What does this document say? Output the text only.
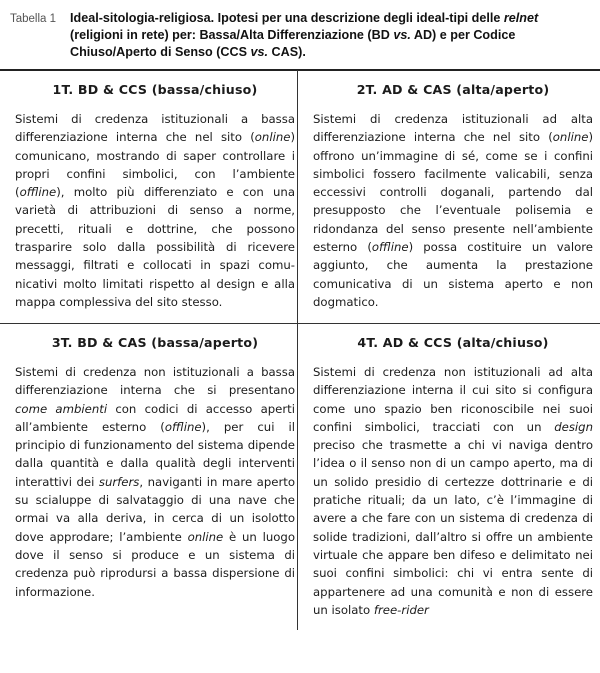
Tabella 1 Ideal-sitologia-religiosa. Ipotesi per una descrizione degli ideal-tipi delle relnet (religioni in rete) per: Bassa/Alta Differenziazione (BD vs. AD) e per Codice Chiuso/Aperto di Senso (CCS vs. CAS).
1T. BD & CCS (bassa/chiuso)

Sistemi di credenza istituzionali a bassa differenziazione interna che nel sito (online) comunicano, mostrando di saper controllare i propri confini simbolici, con l’ambiente (offline), molto più differenziato e con una varietà di attribuzioni di senso a norme, precetti, rituali e dottrine, che possono trasparire solo dalla possibilità di ricevere messaggi, filtrati e collocati in spazi comunicativi molto limitati rispetto al design e alla mappa complessiva del sito stesso.

2T. AD & CAS (alta/aperto)

Sistemi di credenza istituzionali ad alta differenziazione interna che nel sito (online) offrono un’immagine di sé, come se i confini simbolici fossero facilmente valicabili, senza eccessivi controlli doganali, partendo dal presupposto che l’eventuale polisemia e ridondanza del senso presente nell’ambiente esterno (offline) possa costituire un valore aggiunto, che aumenta la prestazione comunicativa di un sistema aperto e non dogmatico.

3T. BD & CAS (bassa/aperto)

Sistemi di credenza non istituzionali a bassa differenziazione interna che si presentano come ambienti con codici di accesso aperti all’ambiente esterno (offline), per cui il principio di funzionamento del sistema dipende dalla quantità e dalla qualità degli interventi interattivi dei surfers, naviganti in mare aperto su scialuppe di salvataggio di una nave che ormai va alla deriva, in cerca di un isolotto dove approdare; l’ambiente online è un luogo dove il senso si produce e un sistema di credenza può riprodursi a bassa dispersione di informazione.

4T. AD & CCS (alta/chiuso)

Sistemi di credenza non istituzionali ad alta differenziazione interna il cui sito si configura come uno spazio ben riconoscibile nei suoi confini simbolici, tracciati con un design preciso che trasmette a chi vi naviga dentro l’idea o il senso non di un campo aperto, ma di un solido presidio di certezze dottrinarie e di pratiche rituali; da un lato, c’è l’immagine di avere a che fare con un sistema di credenza di solide tradizioni, dall’altro si offre un ambiente virtuale che appare ben difeso e delimitato nei suoi confini simbolici: chi vi entra sente di appartenere ad una comunità e non di essere un isolato free-rider
